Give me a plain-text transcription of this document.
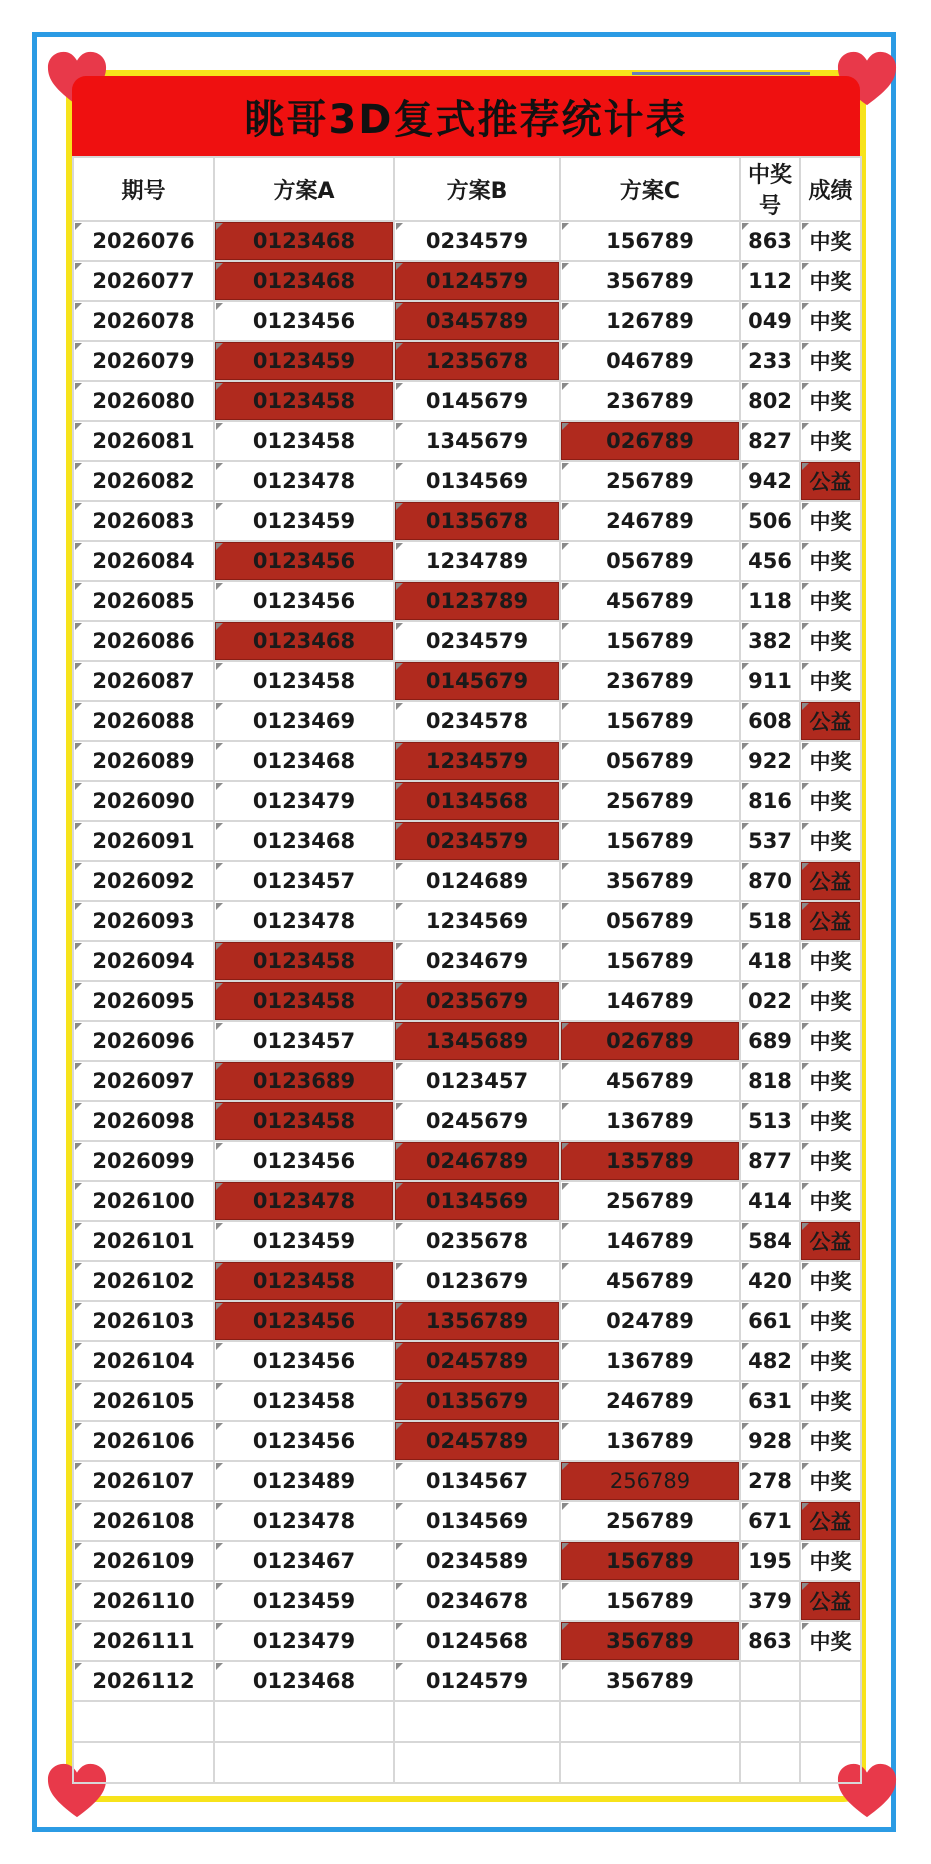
眺哥3D复式推荐统计表
期号	方案A	方案B	方案C	中奖号	成绩
2026076	0123468	0234579	156789	863	中奖
2026077	0123468	0124579	356789	112	中奖
2026078	0123456	0345789	126789	049	中奖
2026079	0123459	1235678	046789	233	中奖
2026080	0123458	0145679	236789	802	中奖
2026081	0123458	1345679	026789	827	中奖
2026082	0123478	0134569	256789	942	公益
2026083	0123459	0135678	246789	506	中奖
2026084	0123456	1234789	056789	456	中奖
2026085	0123456	0123789	456789	118	中奖
2026086	0123468	0234579	156789	382	中奖
2026087	0123458	0145679	236789	911	中奖
2026088	0123469	0234578	156789	608	公益
2026089	0123468	1234579	056789	922	中奖
2026090	0123479	0134568	256789	816	中奖
2026091	0123468	0234579	156789	537	中奖
2026092	0123457	0124689	356789	870	公益
2026093	0123478	1234569	056789	518	公益
2026094	0123458	0234679	156789	418	中奖
2026095	0123458	0235679	146789	022	中奖
2026096	0123457	1345689	026789	689	中奖
2026097	0123689	0123457	456789	818	中奖
2026098	0123458	0245679	136789	513	中奖
2026099	0123456	0246789	135789	877	中奖
2026100	0123478	0134569	256789	414	中奖
2026101	0123459	0235678	146789	584	公益
2026102	0123458	0123679	456789	420	中奖
2026103	0123456	1356789	024789	661	中奖
2026104	0123456	0245789	136789	482	中奖
2026105	0123458	0135679	246789	631	中奖
2026106	0123456	0245789	136789	928	中奖
2026107	0123489	0134567	256789	278	中奖
2026108	0123478	0134569	256789	671	公益
2026109	0123467	0234589	156789	195	中奖
2026110	0123459	0234678	156789	379	公益
2026111	0123479	0124568	356789	863	中奖
2026112	0123468	0124579	356789		
